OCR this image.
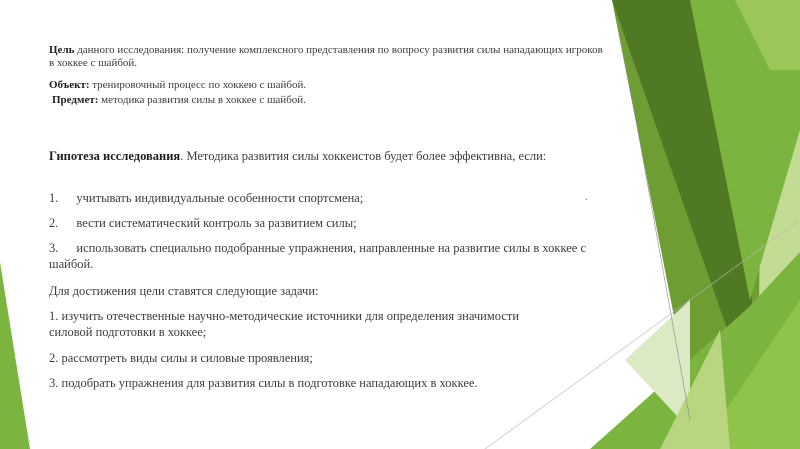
Цель данного исследования: получение комплексного представления по вопросу развития силы нападающих игроков в хоккее с шайбой.
Объект: тренировочный процесс по хоккею с шайбой.
Предмет: методика развития силы в хоккее с шайбой.
Гипотеза исследования. Методика развития силы хоккеистов будет более эффективна, если:
1. учитывать индивидуальные особенности спортсмена;	.
2. вести систематический контроль за развитием силы;
3. использовать специально подобранные упражнения, направленные на развитие силы в хоккее с шайбой.
Для достижения цели ставятся следующие задачи:
1. изучить отечественные научно-методические источники для определения значимости силовой подготовки в хоккее;
2. рассмотреть виды силы и силовые проявления;
3. подобрать упражнения для развития силы в подготовке нападающих в хоккее.
